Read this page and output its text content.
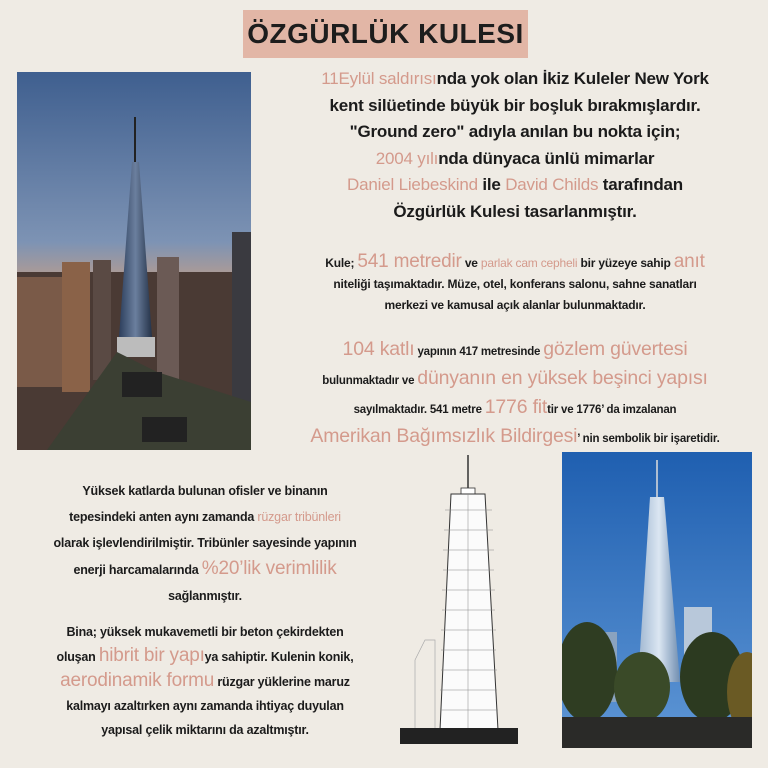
ÖZGÜRLÜK KULESI
11Eylül saldırısında yok olan İkiz Kuleler New York
kent silüetinde büyük bir boşluk bırakmışlardır.
"Ground zero" adıyla anılan bu nokta için;
2004 yılında dünyaca ünlü mimarlar
Daniel Liebeskind ile David Childs tarafından
Özgürlük Kulesi tasarlanmıştır.
Kule; 541 metredir ve parlak cam cepheli bir yüzeye sahip anıt
niteliği taşımaktadır. Müze, otel, konferans salonu, sahne sanatları
merkezi ve kamusal açık alanlar bulunmaktadır.
104 katlı yapının 417 metresinde gözlem güvertesi
bulunmaktadır ve dünyanın en yüksek beşinci yapısı
sayılmaktadır. 541 metre 1776 fittir ve 1776’ da imzalanan
Amerikan Bağımsızlık Bildirgesi’ nin sembolik bir işaretidir.
Yüksek katlarda bulunan ofisler ve binanın
tepesindeki anten aynı zamanda rüzgar tribünleri
olarak işlevlendirilmiştir. Tribünler sayesinde yapının
enerji harcamalarında %20’lik verimlilik
sağlanmıştır.
Bina; yüksek mukavemetli bir beton çekirdekten
oluşan hibrit bir yapıya sahiptir. Kulenin konik,
aerodinamik formu rüzgar yüklerine maruz
kalmayı azaltırken aynı zamanda ihtiyaç duyulan
yapısal çelik miktarını da azaltmıştır.
